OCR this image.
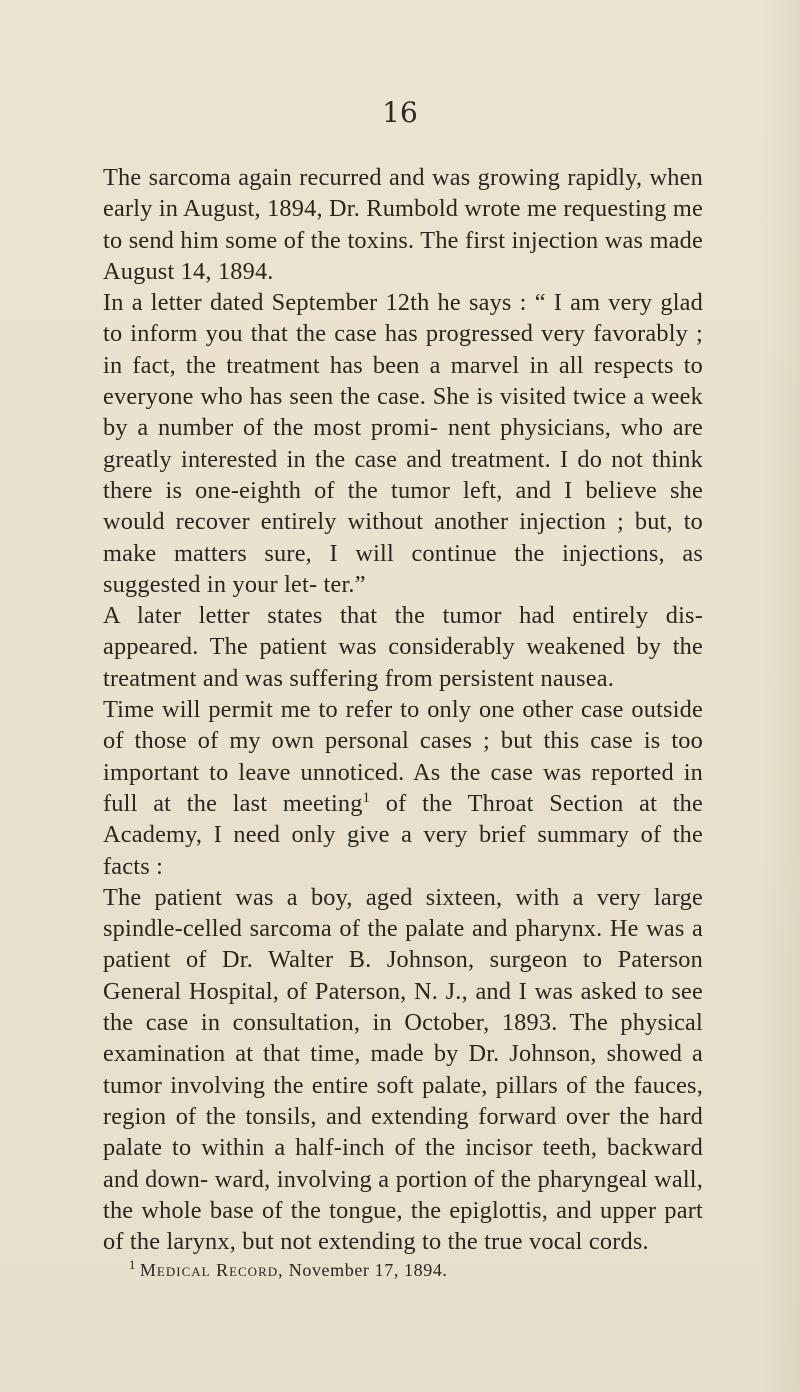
16

The sarcoma again recurred and was growing rapidly, when early in August, 1894, Dr. Rumbold wrote me requesting me to send him some of the toxins. The first injection was made August 14, 1894.

In a letter dated September 12th he says : “ I am very glad to inform you that the case has progressed very favorably ; in fact, the treatment has been a marvel in all respects to everyone who has seen the case. She is visited twice a week by a number of the most promi- nent physicians, who are greatly interested in the case and treatment. I do not think there is one-eighth of the tumor left, and I believe she would recover entirely without another injection ; but, to make matters sure, I will continue the injections, as suggested in your let- ter.”

A later letter states that the tumor had entirely dis- appeared. The patient was considerably weakened by the treatment and was suffering from persistent nausea.

Time will permit me to refer to only one other case outside of those of my own personal cases ; but this case is too important to leave unnoticed. As the case was reported in full at the last meeting$^1$ of the Throat Section at the Academy, I need only give a very brief summary of the facts :

The patient was a boy, aged sixteen, with a very large spindle-celled sarcoma of the palate and pharynx. He was a patient of Dr. Walter B. Johnson, surgeon to Paterson General Hospital, of Paterson, N. J., and I was asked to see the case in consultation, in October, 1893. The physical examination at that time, made by Dr. Johnson, showed a tumor involving the entire soft palate, pillars of the fauces, region of the tonsils, and extending forward over the hard palate to within a half-inch of the incisor teeth, backward and down- ward, involving a portion of the pharyngeal wall, the whole base of the tongue, the epiglottis, and upper part of the larynx, but not extending to the true vocal cords.

$^1$ Medical Record, November 17, 1894.
